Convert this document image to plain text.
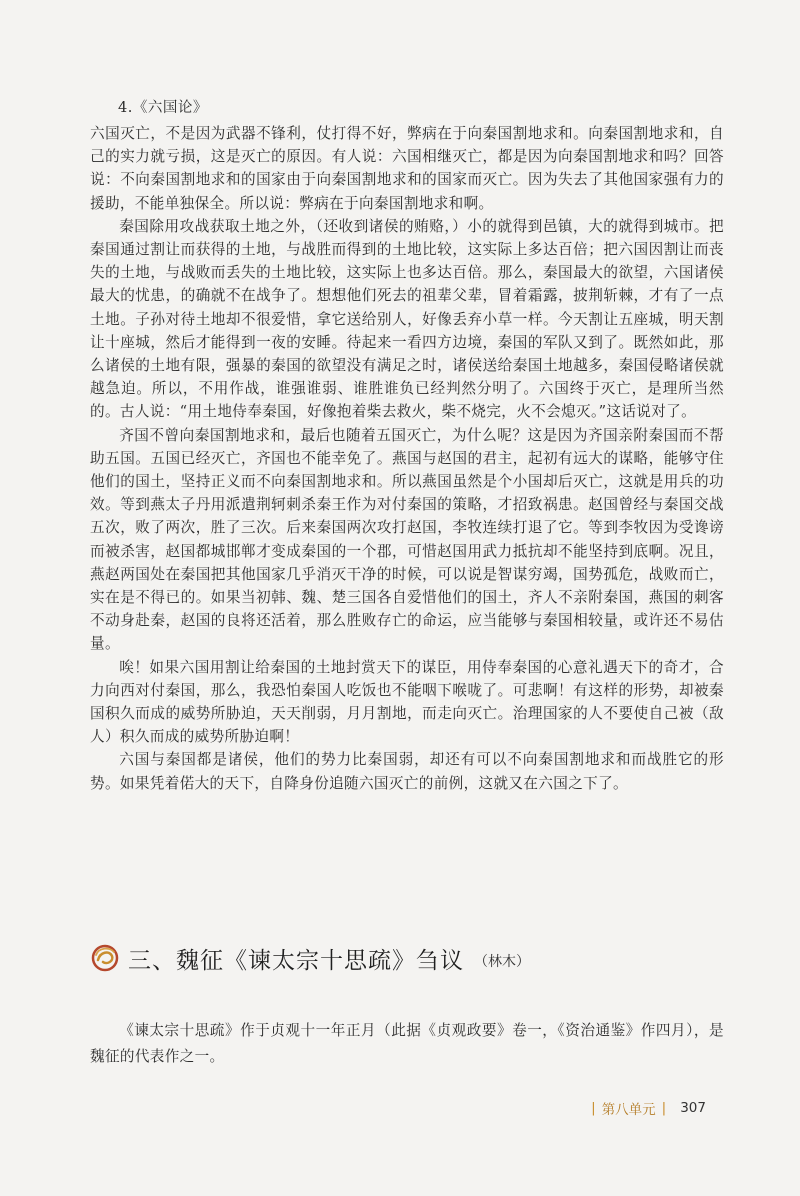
4.《六国论》

六国灭亡，不是因为武器不锋利，仗打得不好，弊病在于向秦国割地求和。向秦国割地求和，自己的实力就亏损，这是灭亡的原因。有人说：六国相继灭亡，都是因为向秦国割地求和吗？回答说：不向秦国割地求和的国家由于向秦国割地求和的国家而灭亡。因为失去了其他国家强有力的援助，不能单独保全。所以说：弊病在于向秦国割地求和啊。

秦国除用攻战获取土地之外，（还收到诸侯的贿赂，）小的就得到邑镇，大的就得到城市。把秦国通过割让而获得的土地，与战胜而得到的土地比较，这实际上多达百倍；把六国因割让而丧失的土地，与战败而丢失的土地比较，这实际上也多达百倍。那么，秦国最大的欲望，六国诸侯最大的忧患，的确就不在战争了。想想他们死去的祖辈父辈，冒着霜露，披荆斩棘，才有了一点土地。子孙对待土地却不很爱惜，拿它送给别人，好像丢弃小草一样。今天割让五座城，明天割让十座城，然后才能得到一夜的安睡。待起来一看四方边境，秦国的军队又到了。既然如此，那么诸侯的土地有限，强暴的秦国的欲望没有满足之时，诸侯送给秦国土地越多，秦国侵略诸侯就越急迫。所以，不用作战，谁强谁弱、谁胜谁负已经判然分明了。六国终于灭亡，是理所当然的。古人说：“用土地侍奉秦国，好像抱着柴去救火，柴不烧完，火不会熄灭。”这话说对了。

齐国不曾向秦国割地求和，最后也随着五国灭亡，为什么呢？这是因为齐国亲附秦国而不帮助五国。五国已经灭亡，齐国也不能幸免了。燕国与赵国的君主，起初有远大的谋略，能够守住他们的国土，坚持正义而不向秦国割地求和。所以燕国虽然是个小国却后灭亡，这就是用兵的功效。等到燕太子丹用派遣荆轲刺杀秦王作为对付秦国的策略，才招致祸患。赵国曾经与秦国交战五次，败了两次，胜了三次。后来秦国两次攻打赵国，李牧连续打退了它。等到李牧因为受谗谤而被杀害，赵国都城邯郸才变成秦国的一个郡，可惜赵国用武力抵抗却不能坚持到底啊。况且，燕赵两国处在秦国把其他国家几乎消灭干净的时候，可以说是智谋穷竭，国势孤危，战败而亡，实在是不得已的。如果当初韩、魏、楚三国各自爱惜他们的国土，齐人不亲附秦国，燕国的刺客不动身赴秦，赵国的良将还活着，那么胜败存亡的命运，应当能够与秦国相较量，或许还不易估量。

唉！如果六国用割让给秦国的土地封赏天下的谋臣，用侍奉秦国的心意礼遇天下的奇才，合力向西对付秦国，那么，我恐怕秦国人吃饭也不能咽下喉咙了。可悲啊！有这样的形势，却被秦国积久而成的威势所胁迫，天天削弱，月月割地，而走向灭亡。治理国家的人不要使自己被（敌人）积久而成的威势所胁迫啊！

六国与秦国都是诸侯，他们的势力比秦国弱，却还有可以不向秦国割地求和而战胜它的形势。如果凭着偌大的天下，自降身份追随六国灭亡的前例，这就又在六国之下了。

三、魏征《谏太宗十思疏》刍议 （林木）

《谏太宗十思疏》作于贞观十一年正月（此据《贞观政要》卷一，《资治通鉴》作四月），是魏征的代表作之一。

| 第八单元 | 307
